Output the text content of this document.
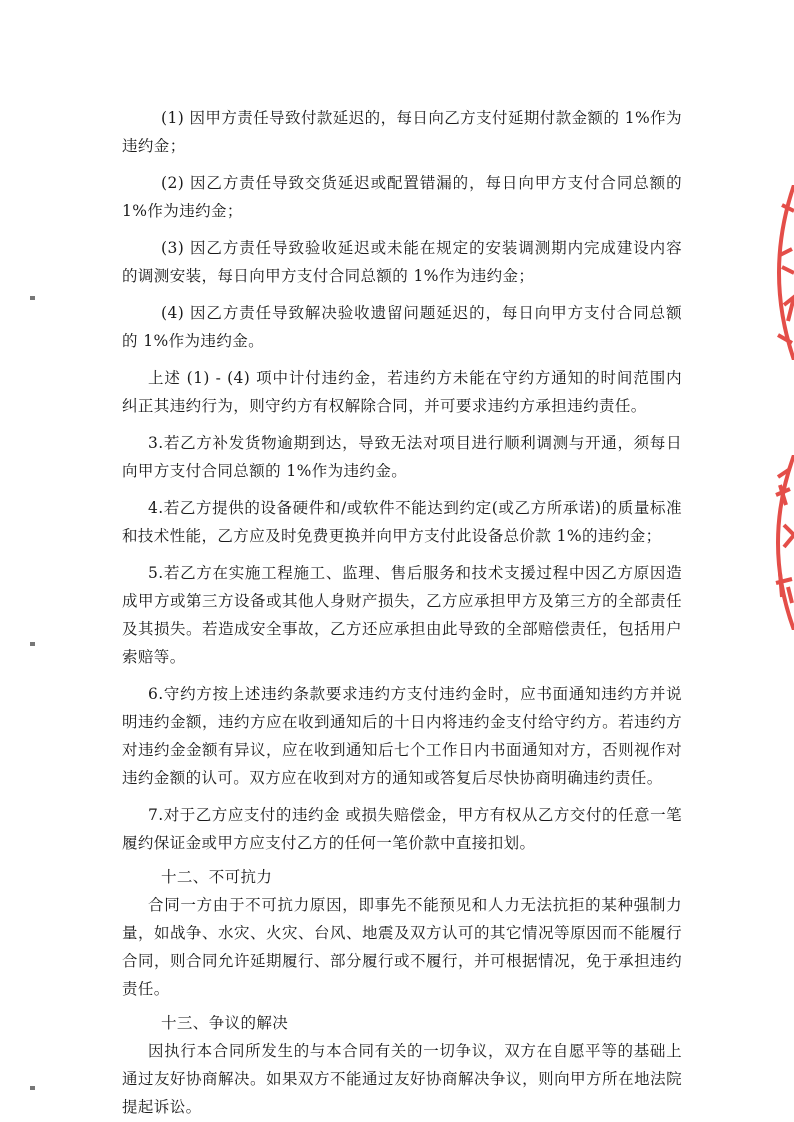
(1) 因甲方责任导致付款延迟的，每日向乙方支付延期付款金额的 1%作为违约金；

(2) 因乙方责任导致交货延迟或配置错漏的，每日向甲方支付合同总额的 1%作为违约金；

(3) 因乙方责任导致验收延迟或未能在规定的安装调测期内完成建设内容的调测安装，每日向甲方支付合同总额的 1%作为违约金；

(4) 因乙方责任导致解决验收遗留问题延迟的，每日向甲方支付合同总额的 1%作为违约金。

上述 (1) - (4) 项中计付违约金，若违约方未能在守约方通知的时间范围内纠正其违约行为，则守约方有权解除合同，并可要求违约方承担违约责任。

3.若乙方补发货物逾期到达，导致无法对项目进行顺利调测与开通，须每日向甲方支付合同总额的 1%作为违约金。

4.若乙方提供的设备硬件和/或软件不能达到约定(或乙方所承诺)的质量标准和技术性能，乙方应及时免费更换并向甲方支付此设备总价款 1%的违约金；

5.若乙方在实施工程施工、监理、售后服务和技术支援过程中因乙方原因造成甲方或第三方设备或其他人身财产损失，乙方应承担甲方及第三方的全部责任及其损失。若造成安全事故，乙方还应承担由此导致的全部赔偿责任，包括用户索赔等。

6.守约方按上述违约条款要求违约方支付违约金时，应书面通知违约方并说明违约金额，违约方应在收到通知后的十日内将违约金支付给守约方。若违约方对违约金金额有异议，应在收到通知后七个工作日内书面通知对方，否则视作对违约金额的认可。双方应在收到对方的通知或答复后尽快协商明确违约责任。

7.对于乙方应支付的违约金 或损失赔偿金，甲方有权从乙方交付的任意一笔履约保证金或甲方应支付乙方的任何一笔价款中直接扣划。

十二、不可抗力

合同一方由于不可抗力原因，即事先不能预见和人力无法抗拒的某种强制力量，如战争、水灾、火灾、台风、地震及双方认可的其它情况等原因而不能履行合同，则合同允许延期履行、部分履行或不履行，并可根据情况，免于承担违约责任。

十三、争议的解决

因执行本合同所发生的与本合同有关的一切争议，双方在自愿平等的基础上通过友好协商解决。如果双方不能通过友好协商解决争议，则向甲方所在地法院提起诉讼。
